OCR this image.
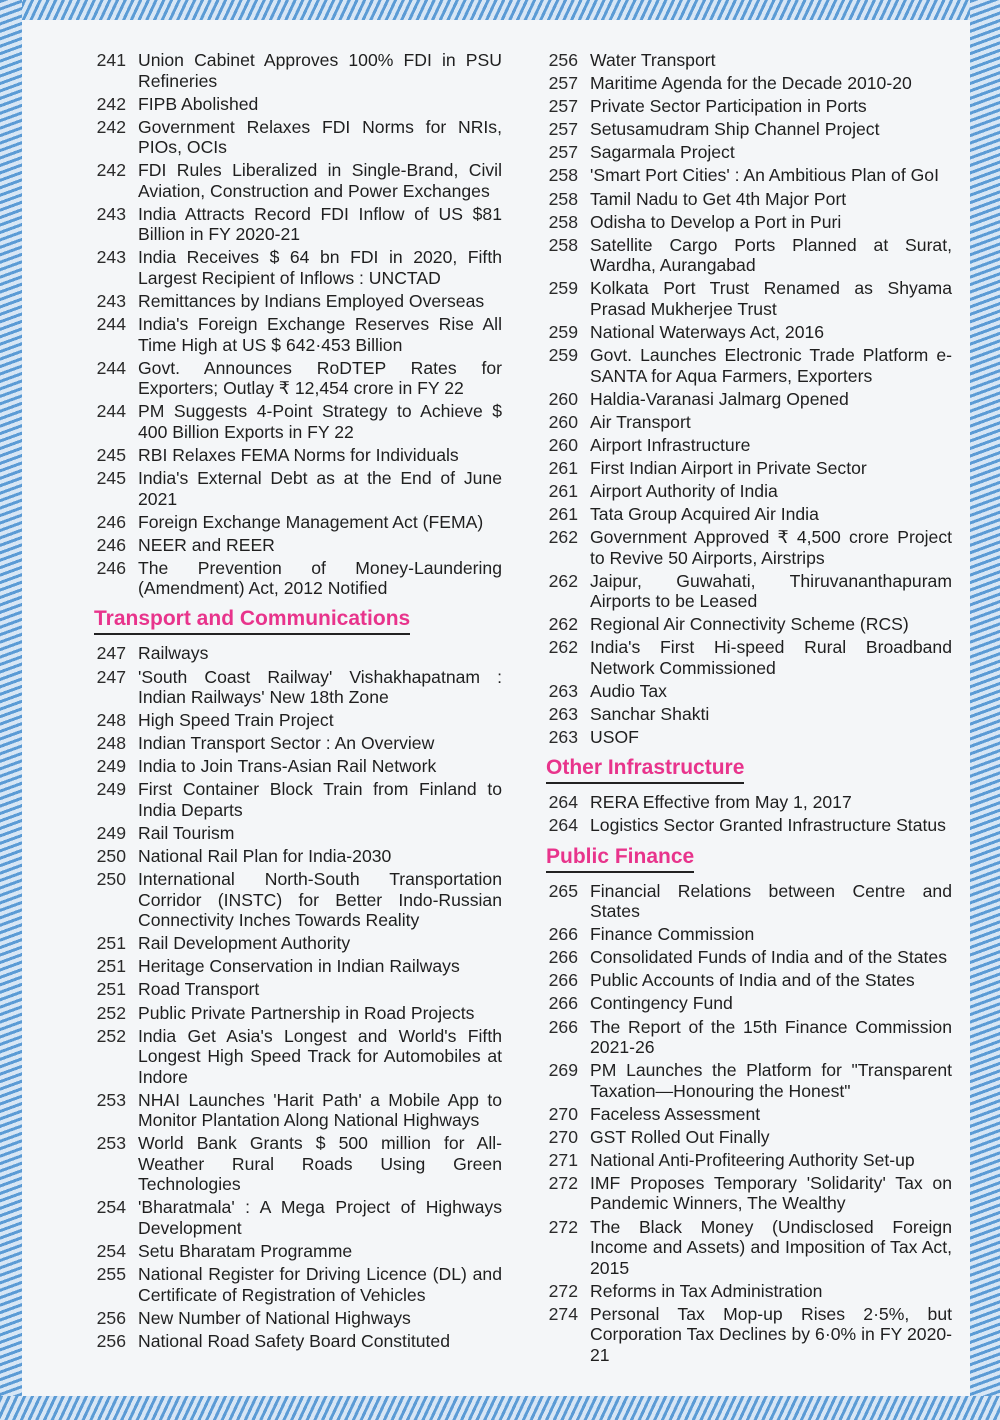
241 Union Cabinet Approves 100% FDI in PSU Refineries
242 FIPB Abolished
242 Government Relaxes FDI Norms for NRIs, PIOs, OCIs
242 FDI Rules Liberalized in Single-Brand, Civil Aviation, Construction and Power Exchanges
243 India Attracts Record FDI Inflow of US $81 Billion in FY 2020-21
243 India Receives $ 64 bn FDI in 2020, Fifth Largest Recipient of Inflows : UNCTAD
243 Remittances by Indians Employed Overseas
244 India's Foreign Exchange Reserves Rise All Time High at US $ 642·453 Billion
244 Govt. Announces RoDTEP Rates for Exporters; Outlay ₹ 12,454 crore in FY 22
244 PM Suggests 4-Point Strategy to Achieve $ 400 Billion Exports in FY 22
245 RBI Relaxes FEMA Norms for Individuals
245 India's External Debt as at the End of June 2021
246 Foreign Exchange Management Act (FEMA)
246 NEER and REER
246 The Prevention of Money-Laundering (Amendment) Act, 2012 Notified
Transport and Communications
247 Railways
247 'South Coast Railway' Vishakhapatnam : Indian Railways' New 18th Zone
248 High Speed Train Project
248 Indian Transport Sector : An Overview
249 India to Join Trans-Asian Rail Network
249 First Container Block Train from Finland to India Departs
249 Rail Tourism
250 National Rail Plan for India-2030
250 International North-South Transportation Corridor (INSTC) for Better Indo-Russian Connectivity Inches Towards Reality
251 Rail Development Authority
251 Heritage Conservation in Indian Railways
251 Road Transport
252 Public Private Partnership in Road Projects
252 India Get Asia's Longest and World's Fifth Longest High Speed Track for Automobiles at Indore
253 NHAI Launches 'Harit Path' a Mobile App to Monitor Plantation Along National Highways
253 World Bank Grants $ 500 million for All-Weather Rural Roads Using Green Technologies
254 'Bharatmala' : A Mega Project of Highways Development
254 Setu Bharatam Programme
255 National Register for Driving Licence (DL) and Certificate of Registration of Vehicles
256 New Number of National Highways
256 National Road Safety Board Constituted
256 Water Transport
257 Maritime Agenda for the Decade 2010-20
257 Private Sector Participation in Ports
257 Setusamudram Ship Channel Project
257 Sagarmala Project
258 'Smart Port Cities' : An Ambitious Plan of GoI
258 Tamil Nadu to Get 4th Major Port
258 Odisha to Develop a Port in Puri
258 Satellite Cargo Ports Planned at Surat, Wardha, Aurangabad
259 Kolkata Port Trust Renamed as Shyama Prasad Mukherjee Trust
259 National Waterways Act, 2016
259 Govt. Launches Electronic Trade Platform e-SANTA for Aqua Farmers, Exporters
260 Haldia-Varanasi Jalmarg Opened
260 Air Transport
260 Airport Infrastructure
261 First Indian Airport in Private Sector
261 Airport Authority of India
261 Tata Group Acquired Air India
262 Government Approved ₹ 4,500 crore Project to Revive 50 Airports, Airstrips
262 Jaipur, Guwahati, Thiruvananthapuram Airports to be Leased
262 Regional Air Connectivity Scheme (RCS)
262 India's First Hi-speed Rural Broadband Network Commissioned
263 Audio Tax
263 Sanchar Shakti
263 USOF
Other Infrastructure
264 RERA Effective from May 1, 2017
264 Logistics Sector Granted Infrastructure Status
Public Finance
265 Financial Relations between Centre and States
266 Finance Commission
266 Consolidated Funds of India and of the States
266 Public Accounts of India and of the States
266 Contingency Fund
266 The Report of the 15th Finance Commission 2021-26
269 PM Launches the Platform for "Transparent Taxation—Honouring the Honest"
270 Faceless Assessment
270 GST Rolled Out Finally
271 National Anti-Profiteering Authority Set-up
272 IMF Proposes Temporary 'Solidarity' Tax on Pandemic Winners, The Wealthy
272 The Black Money (Undisclosed Foreign Income and Assets) and Imposition of Tax Act, 2015
272 Reforms in Tax Administration
274 Personal Tax Mop-up Rises 2·5%, but Corporation Tax Declines by 6·0% in FY 2020-21
